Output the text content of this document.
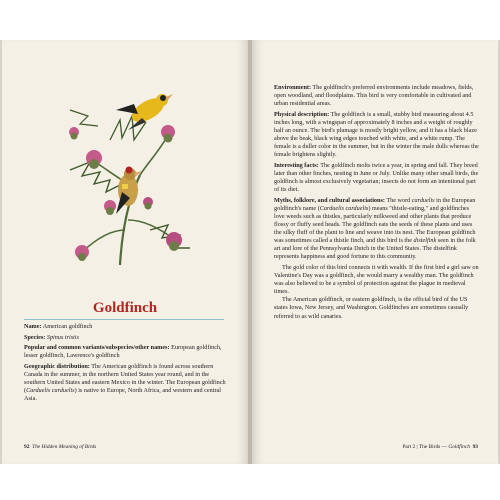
Goldfinch

Name: American goldfinch

Species: Spinus tristis

Popular and common variants/subspecies/other names: European goldfinch, lesser goldfinch, Lawrence's goldfinch

Geographic distribution: The American goldfinch is found across southern Canada in the summer, in the northern United States year round, and in the southern United States and eastern Mexico in the winter. The European goldfinch (Carduelis carduelis) is native to Europe, North Africa, and western and central Asia.

92 The Hidden Meaning of Birds

Environment: The goldfinch's preferred environments include meadows, fields, open woodland, and floodplains. This bird is very comfortable in cultivated and urban residential areas.

Physical description: The goldfinch is a small, stubby bird measuring about 4.5 inches long, with a wingspan of approximately 8 inches and a weight of roughly half an ounce. The bird's plumage is mostly bright yellow, and it has a black blaze above the beak, black wing edges touched with white, and a white rump. The female is a duller color in the summer, but in the winter the male dulls whereas the female brightens slightly.

Interesting facts: The goldfinch molts twice a year, in spring and fall. They breed later than other finches, nesting in June or July. Unlike many other small birds, the goldfinch is almost exclusively vegetarian; insects do not form an intentional part of its diet.

Myths, folklore, and cultural associations: The word carduelis in the European goldfinch's name (Carduelis carduelis) means "thistle-eating," and goldfinches love weeds such as thistles, particularly milkweed and other plants that produce flossy or fluffy seed heads. The goldfinch eats the seeds of these plants and uses the silky fluff of the plant to line and weave into its nest. The European goldfinch was sometimes called a thistle finch, and this bird is the distelfink seen in the folk art and lore of the Pennsylvania Dutch in the United States. The distelfink represents happiness and good fortune to this community.

The gold color of this bird connects it with wealth. If the first bird a girl saw on Valentine's Day was a goldfinch, she would marry a wealthy man. The goldfinch was also believed to be a symbol of protection against the plague in medieval times.

The American goldfinch, or eastern goldfinch, is the official bird of the US states Iowa, New Jersey, and Washington. Goldfinches are sometimes casually referred to as wild canaries.

Part 2 | The Birds — Goldfinch 93
